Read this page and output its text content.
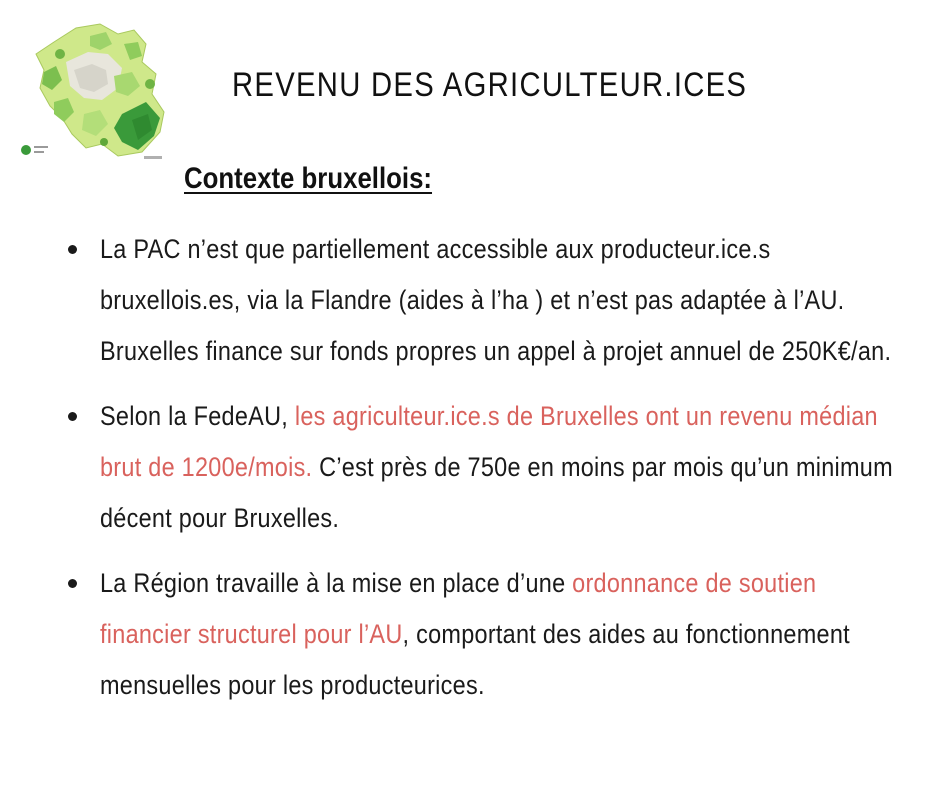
REVENU DES AGRICULTEUR.ICES
Contexte bruxellois:
La PAC n’est que partiellement accessible aux producteur.ice.s bruxellois.es, via la Flandre (aides à l’ha ) et n’est pas adaptée à l’AU. Bruxelles finance sur fonds propres un appel à projet annuel de 250K€/an.
Selon la FedeAU, les agriculteur.ice.s de Bruxelles ont un revenu médian brut de 1200e/mois. C’est près de 750e en moins par mois qu’un minimum décent pour Bruxelles.
La Région travaille à la mise en place d’une ordonnance de soutien financier structurel pour l’AU, comportant des aides au fonctionnement mensuelles pour les producteurices.
